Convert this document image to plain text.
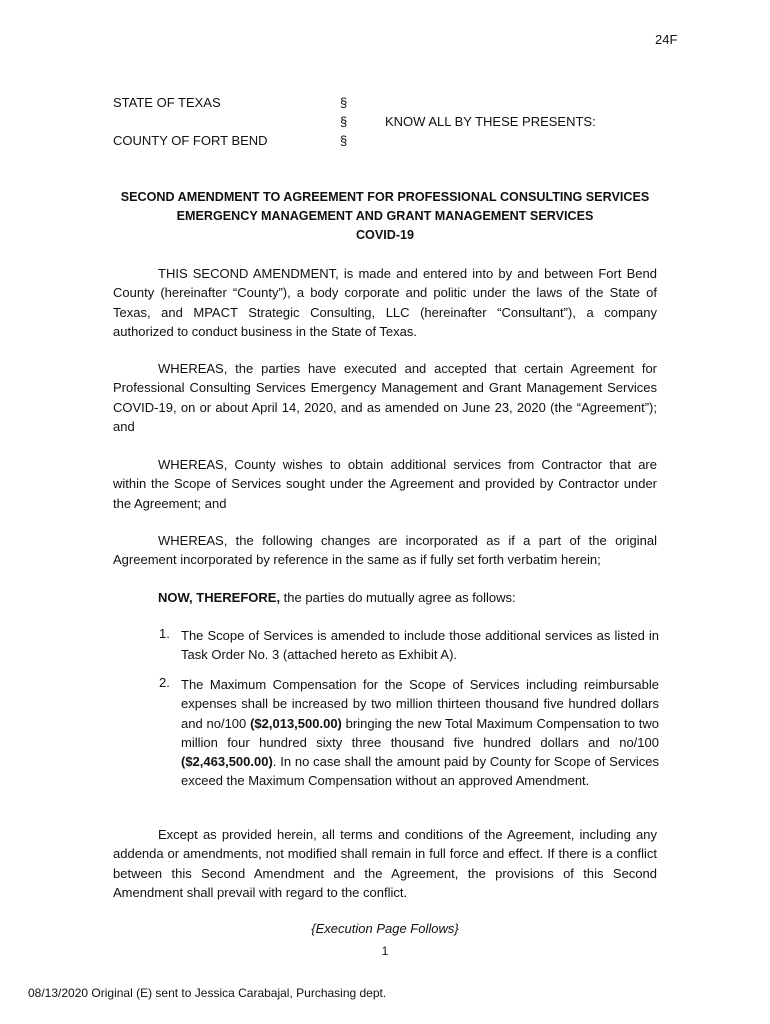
24F
STATE OF TEXAS
COUNTY OF FORT BEND
§
§
§
KNOW ALL BY THESE PRESENTS:
SECOND AMENDMENT TO AGREEMENT FOR PROFESSIONAL CONSULTING SERVICES
EMERGENCY MANAGEMENT AND GRANT MANAGEMENT SERVICES
COVID-19

THIS SECOND AMENDMENT, is made and entered into by and between Fort Bend County (hereinafter “County”), a body corporate and politic under the laws of the State of Texas, and MPACT Strategic Consulting, LLC (hereinafter “Consultant”), a company authorized to conduct business in the State of Texas.

WHEREAS, the parties have executed and accepted that certain Agreement for Professional Consulting Services Emergency Management and Grant Management Services COVID-19, on or about April 14, 2020, and as amended on June 23, 2020 (the “Agreement”); and

WHEREAS, County wishes to obtain additional services from Contractor that are within the Scope of Services sought under the Agreement and provided by Contractor under the Agreement; and

WHEREAS, the following changes are incorporated as if a part of the original Agreement incorporated by reference in the same as if fully set forth verbatim herein;

NOW, THEREFORE, the parties do mutually agree as follows:

1. The Scope of Services is amended to include those additional services as listed in Task Order No. 3 (attached hereto as Exhibit A).

2. The Maximum Compensation for the Scope of Services including reimbursable expenses shall be increased by two million thirteen thousand five hundred dollars and no/100 ($2,013,500.00) bringing the new Total Maximum Compensation to two million four hundred sixty three thousand five hundred dollars and no/100 ($2,463,500.00). In no case shall the amount paid by County for Scope of Services exceed the Maximum Compensation without an approved Amendment.

Except as provided herein, all terms and conditions of the Agreement, including any addenda or amendments, not modified shall remain in full force and effect. If there is a conflict between this Second Amendment and the Agreement, the provisions of this Second Amendment shall prevail with regard to the conflict.

{Execution Page Follows}
1
08/13/2020 Original (E) sent to Jessica Carabajal, Purchasing dept.
